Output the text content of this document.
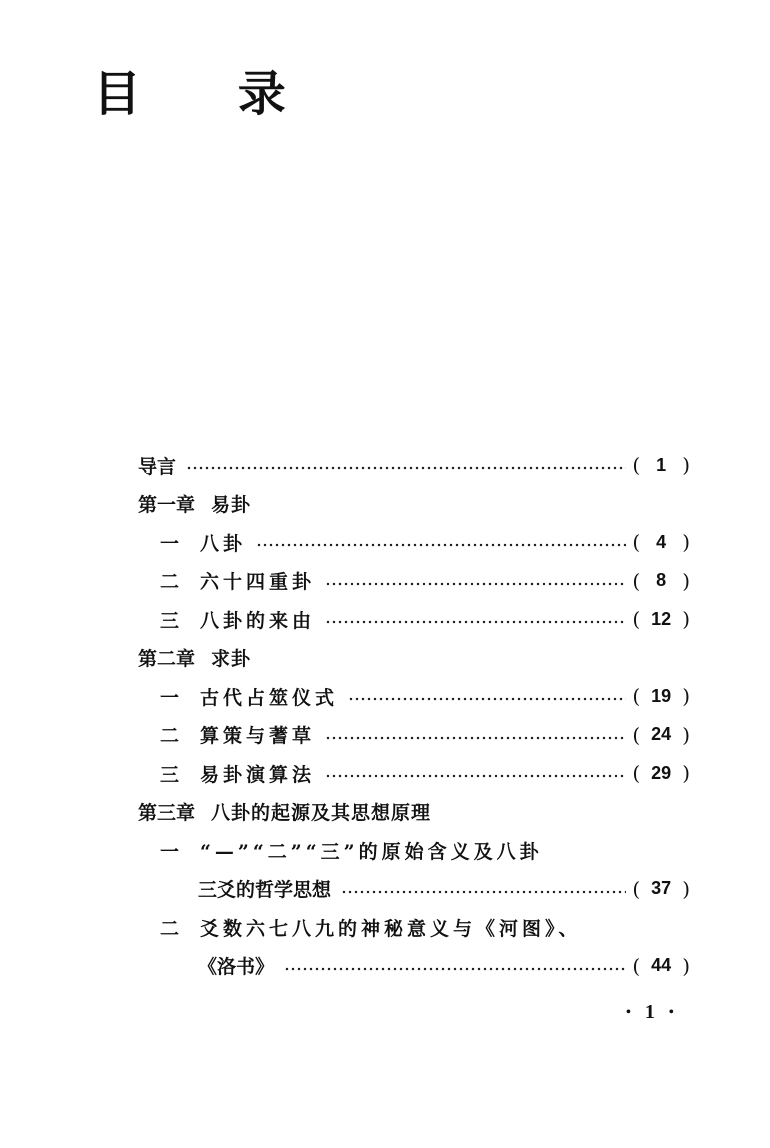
目 录
导言	( 1 )
第一章 易卦
一	八卦	( 4 )
二	六十四重卦	( 8 )
三	八卦的来由	( 12 )
第二章 求卦
一	古代占筮仪式	( 19 )
二	算策与蓍草	( 24 )
三	易卦演算法	( 29 )
第三章 八卦的起源及其思想原理
一	“—”“二”“三”的原始含义及八卦
三爻的哲学思想	( 37 )
二	爻数六七八九的神秘意义与《河图》、
《洛书》	( 44 )
• 1 •
